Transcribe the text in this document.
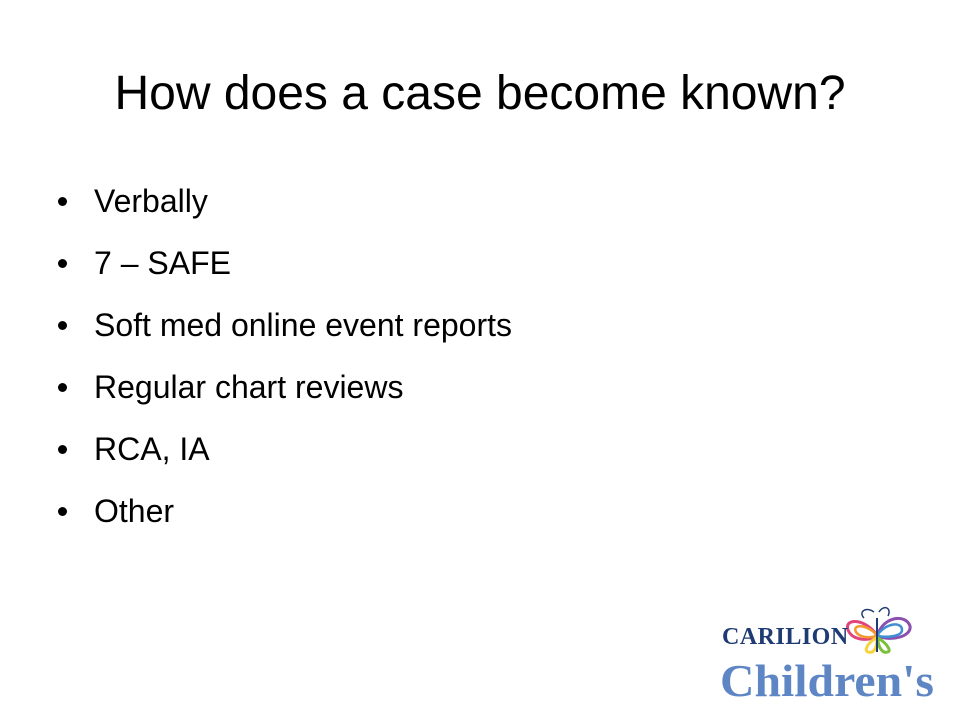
How does a case become known?
Verbally
7 – SAFE
Soft med online event reports
Regular chart reviews
RCA, IA
Other
CARILION
Children's
